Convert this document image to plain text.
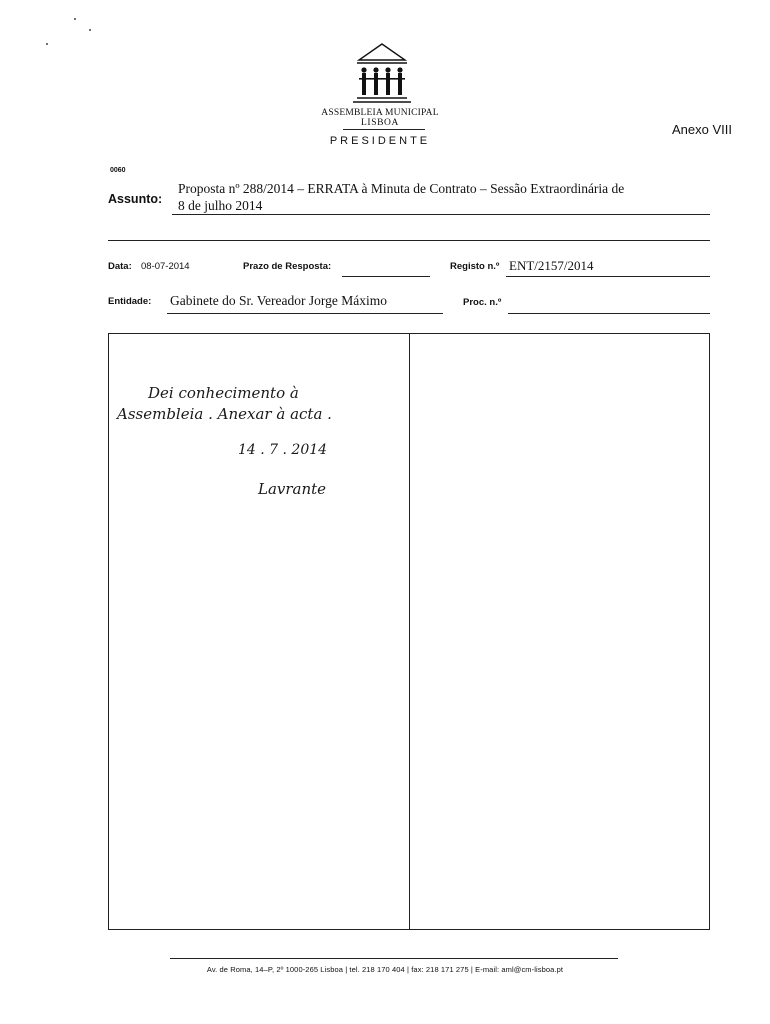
ASSEMBLEIA MUNICIPAL
LISBOA
PRESIDENTE
Anexo VIII
0060
Assunto:
Proposta nº 288/2014 – ERRATA à Minuta de Contrato – Sessão Extraordinária de
8 de julho 2014
Data: 08-07-2014	Prazo de Resposta:	Registo n.º ENT/2157/2014
Entidade: Gabinete do Sr. Vereador Jorge Máximo	Proc. n.º
Dei conhecimento à
Assembleia . Anexar à acta .
14 . 7 . 2014
Lavrante
Av. de Roma, 14–P, 2º 1000-265 Lisboa | tel. 218 170 404 | fax: 218 171 275 | E-mail: aml@cm-lisboa.pt
